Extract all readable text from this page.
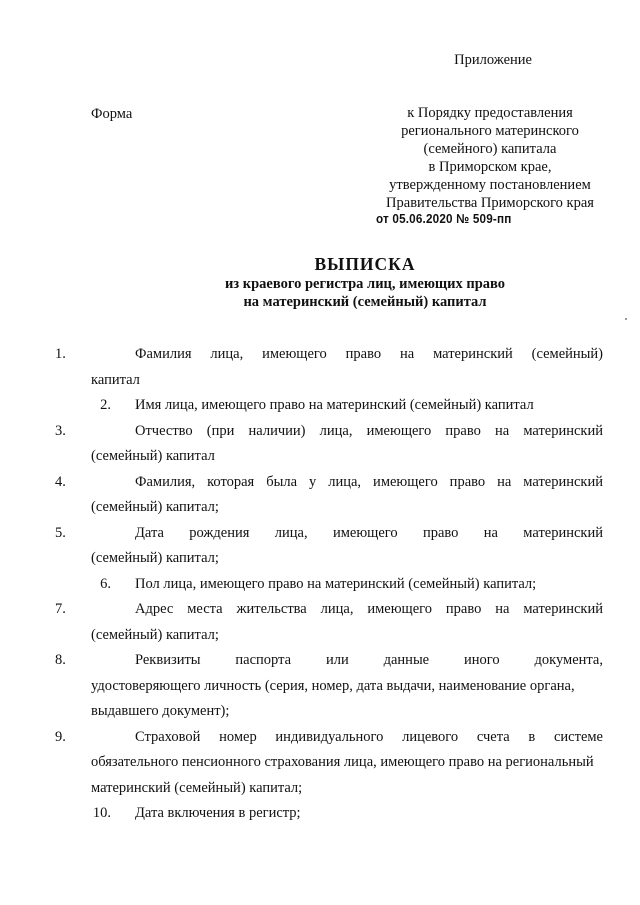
Приложение
Форма	к Порядку предоставления
регионального материнского
(семейного) капитала
в Приморском крае,
утвержденному постановлением
Правительства Приморского края
от 05.06.2020 № 509-пп
ВЫПИСКА
из краевого регистра лиц, имеющих право
на материнский (семейный) капитал
1.	Фамилия лица, имеющего право на материнский (семейный)
капитал
2. Имя лица, имеющего право на материнский (семейный) капитал
3.	Отчество (при наличии) лица, имеющего право на материнский
(семейный) капитал
4.	Фамилия, которая была у лица, имеющего право на материнский
(семейный) капитал;
5.	Дата рождения лица, имеющего право на материнский
(семейный) капитал;
6. Пол лица, имеющего право на материнский (семейный) капитал;
7.	Адрес места жительства лица, имеющего право на материнский
(семейный) капитал;
8.	Реквизиты паспорта или данные иного документа,
удостоверяющего личность (серия, номер, дата выдачи, наименование органа, выдавшего документ);
9.	Страховой номер индивидуального лицевого счета в системе
обязательного пенсионного страхования лица, имеющего право на региональный материнский (семейный) капитал;
10. Дата включения в регистр;
